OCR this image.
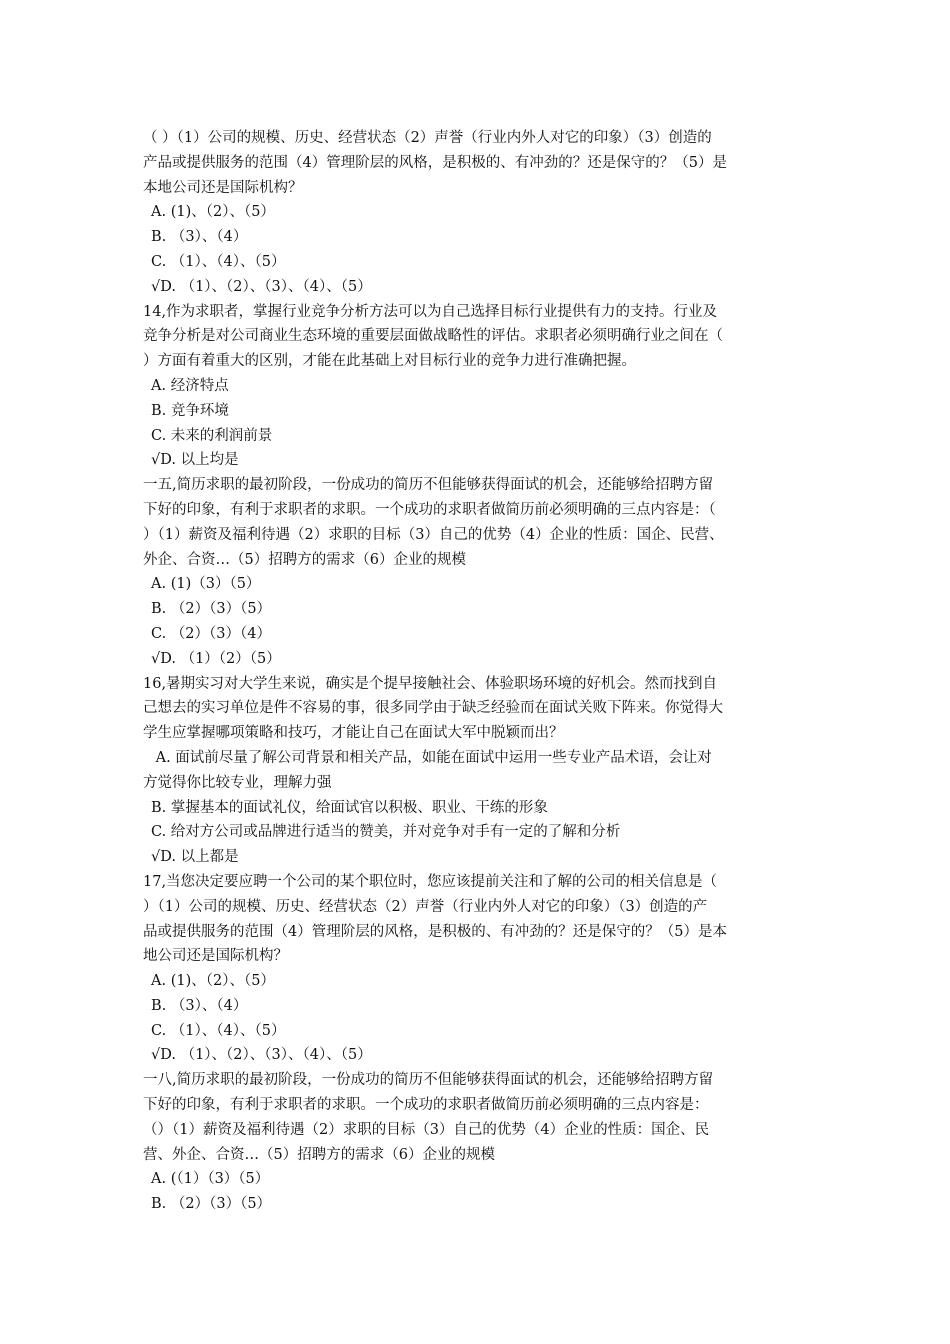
（ ）（1）公司的规模、历史、经营状态（2）声誉（行业内外人对它的印象）（3）创造的
产品或提供服务的范围（4）管理阶层的风格，是积极的、有冲劲的？还是保守的？（5）是
本地公司还是国际机构？
A. (1)、（2）、（5）
B. （3）、（4）
C. （1）、（4）、（5）
√D. （1）、（2）、（3）、（4）、（5）
14,作为求职者，掌握行业竞争分析方法可以为自己选择目标行业提供有力的支持。行业及
竞争分析是对公司商业生态环境的重要层面做战略性的评估。求职者必须明确行业之间在（
）方面有着重大的区别，才能在此基础上对目标行业的竞争力进行准确把握。
A. 经济特点
B. 竞争环境
C. 未来的利润前景
√D. 以上均是
一五,简历求职的最初阶段，一份成功的简历不但能够获得面试的机会，还能够给招聘方留
下好的印象，有利于求职者的求职。一个成功的求职者做简历前必须明确的三点内容是：（
）（1）薪资及福利待遇（2）求职的目标（3）自己的优势（4）企业的性质：国企、民营、
外企、合资…（5）招聘方的需求（6）企业的规模
A. (1)（3）（5）
B. （2）（3）（5）
C. （2）（3）（4）
√D. （1）（2）（5）
16,暑期实习对大学生来说，确实是个提早接触社会、体验职场环境的好机会。然而找到自
己想去的实习单位是件不容易的事，很多同学由于缺乏经验而在面试关败下阵来。你觉得大
学生应掌握哪项策略和技巧，才能让自己在面试大军中脱颖而出？
A. 面试前尽量了解公司背景和相关产品，如能在面试中运用一些专业产品术语，会让对
方觉得你比较专业，理解力强
B. 掌握基本的面试礼仪，给面试官以积极、职业、干练的形象
C. 给对方公司或品牌进行适当的赞美，并对竞争对手有一定的了解和分析
√D. 以上都是
17,当您决定要应聘一个公司的某个职位时，您应该提前关注和了解的公司的相关信息是（
）（1）公司的规模、历史、经营状态（2）声誉（行业内外人对它的印象）（3）创造的产
品或提供服务的范围（4）管理阶层的风格，是积极的、有冲劲的？还是保守的？（5）是本
地公司还是国际机构？
A. (1)、（2）、（5）
B. （3）、（4）
C. （1）、（4）、（5）
√D. （1）、（2）、（3）、（4）、（5）
一八,简历求职的最初阶段，一份成功的简历不但能够获得面试的机会，还能够给招聘方留
下好的印象，有利于求职者的求职。一个成功的求职者做简历前必须明确的三点内容是：
（）（1）薪资及福利待遇（2）求职的目标（3）自己的优势（4）企业的性质：国企、民
营、外企、合资…（5）招聘方的需求（6）企业的规模
A. (（1）（3）（5）
B. （2）（3）（5）
